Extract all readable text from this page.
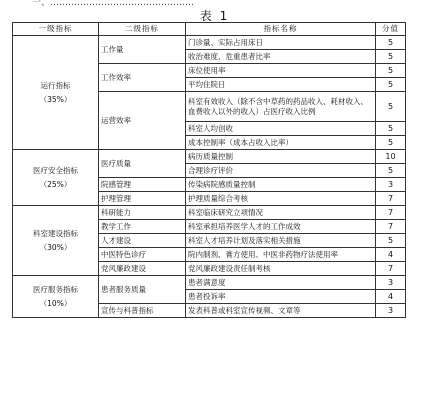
一、…………………………………………
表 1
一级指标	二级指标	指标名称	分值

运行指标
（35%）	工作量	门诊量、实际占用床日	5
		收治难度、危重患者比率	5
	工作效率	床位使用率	5
		平均住院日	5
	运营效率	科室有效收入（除不含中草药的药品收入、耗材收入、血费收入以外的收入）占医疗收入比例	5
		科室人均创收	5
		成本控制率（成本占收入比率）	5

医疗安全指标
（25%）	医疗质量	病历质量控制	10
		合理诊疗评价	5
	院感管理	传染病院感质量控制	3
	护理管理	护理质量综合考核	7

科室建设指标
（30%）	科研能力	科室临床研究立项情况	7
	教学工作	科室承担培养医学人才的工作成效	7
	人才建设	科室人才培养计划及落实相关措施	5
	中医特色诊疗	院内制剂、膏方使用、中医非药物疗法使用率	4
	党风廉政建设	党风廉政建设责任制考核	7

医疗服务指标
（10%）	患者服务质量	患者满意度	3
		患者投诉率	4
	宣传与科普指标	发表科普或科室宣传视频、文章等	3
